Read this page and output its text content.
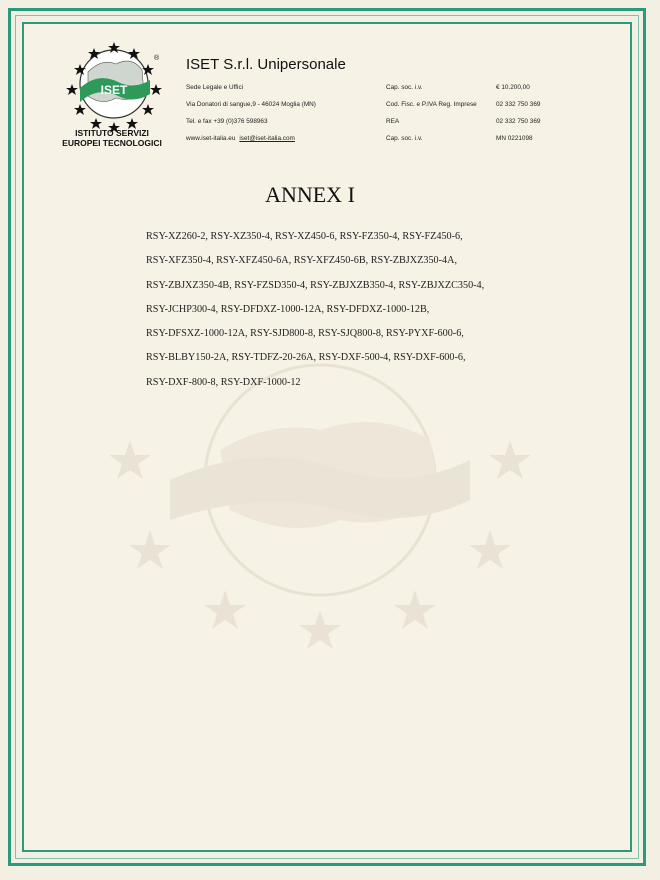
ISET
®
ISTITUTO SERVIZI
EUROPEI TECNOLOGICI
ISET S.r.l. Unipersonale
Sede Legale e Uffici	Cap. soc. i.v.	€ 10.200,00
Via Donatori di sangue,9 - 46024 Moglia (MN)	Cod. Fisc. e P.IVA Reg. Imprese	02 332 750 369
Tel. e fax +39 (0)376 598963	REA	02 332 750 369
www.iset-italia.eu iset@iset-italia.com	Cap. soc. i.v.	MN 0221098
ANNEX I
RSY-XZ260-2, RSY-XZ350-4, RSY-XZ450-6, RSY-FZ350-4, RSY-FZ450-6,
RSY-XFZ350-4, RSY-XFZ450-6A, RSY-XFZ450-6B, RSY-ZBJXZ350-4A,
RSY-ZBJXZ350-4B, RSY-FZSD350-4, RSY-ZBJXZB350-4, RSY-ZBJXZC350-4,
RSY-JCHP300-4, RSY-DFDXZ-1000-12A, RSY-DFDXZ-1000-12B,
RSY-DFSXZ-1000-12A, RSY-SJD800-8, RSY-SJQ800-8, RSY-PYXF-600-6,
RSY-BLBY150-2A, RSY-TDFZ-20-26A, RSY-DXF-500-4, RSY-DXF-600-6,
RSY-DXF-800-8, RSY-DXF-1000-12
